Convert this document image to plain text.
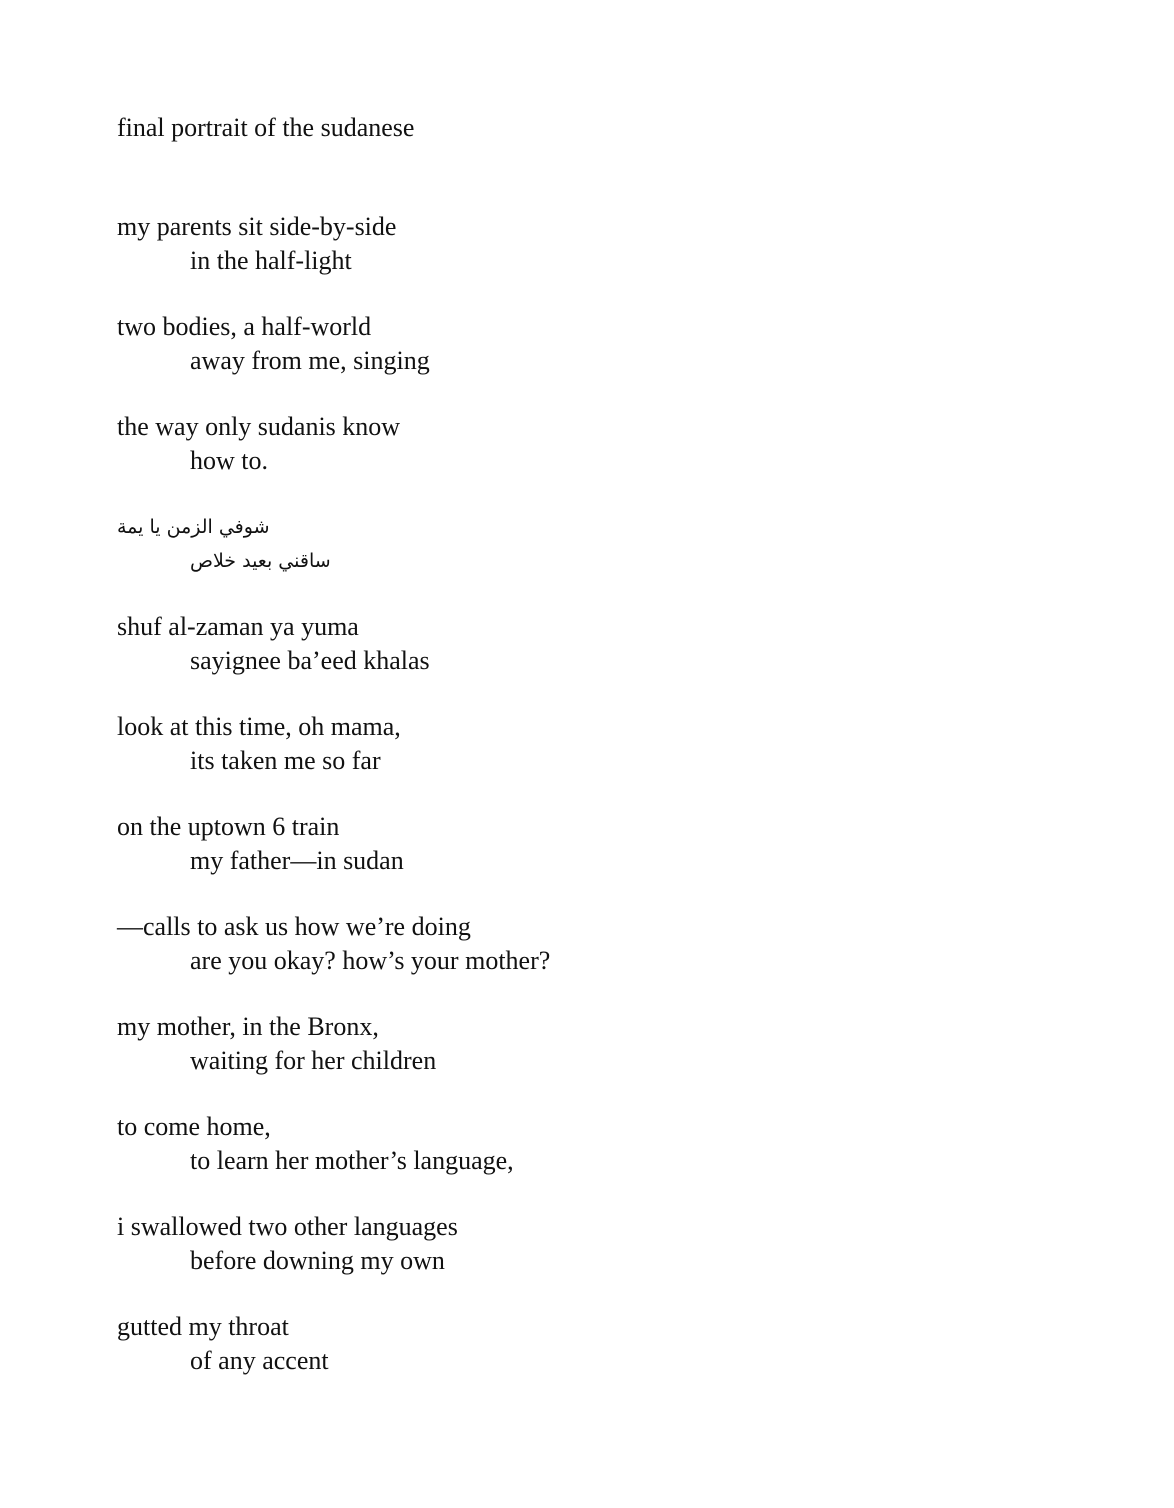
final portrait of the sudanese
my parents sit side-by-side
in the half-light
two bodies, a half-world
away from me, singing
the way only sudanis know
how to.
شوفي الزمن يا يمة
ساقني بعيد خلاص
shuf al-zaman ya yuma
sayignee ba’eed khalas
look at this time, oh mama,
its taken me so far
on the uptown 6 train
my father—in sudan
—calls to ask us how we’re doing
are you okay? how’s your mother?
my mother, in the Bronx,
waiting for her children
to come home,
to learn her mother’s language,
i swallowed two other languages
before downing my own
gutted my throat
of any accent
